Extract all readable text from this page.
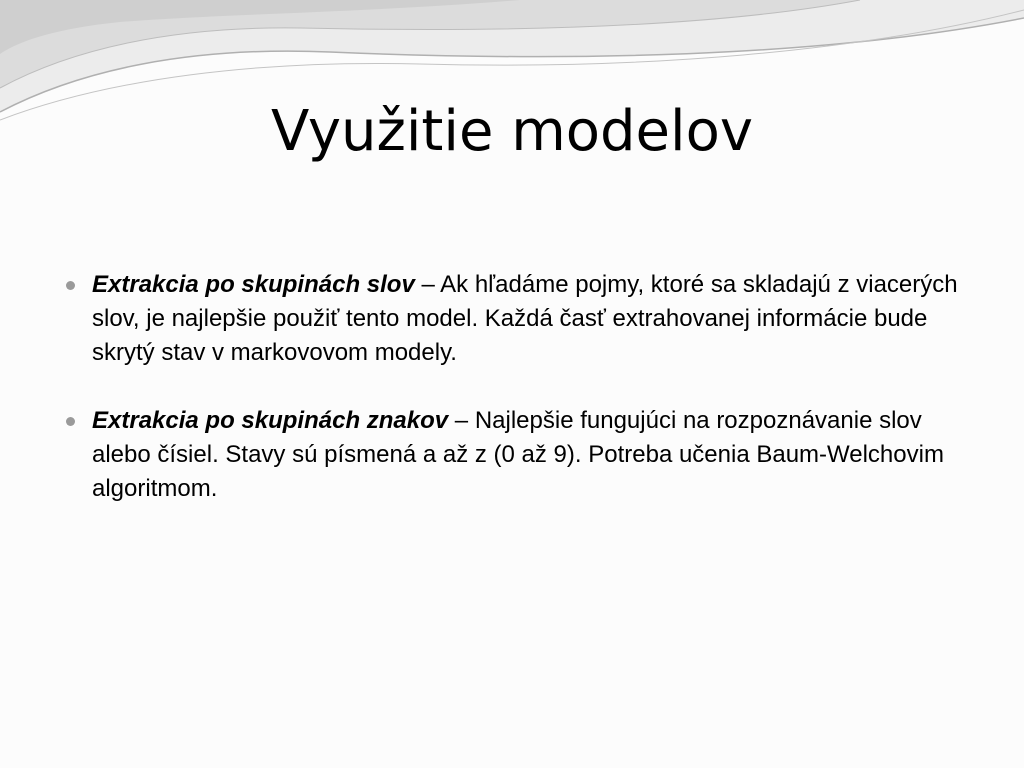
Využitie modelov
Extrakcia po skupinách slov – Ak hľadáme pojmy, ktoré sa skladajú z viacerých slov, je najlepšie použiť tento model. Každá časť extrahovanej informácie bude skrytý stav v markovovom modely.
Extrakcia po skupinách znakov – Najlepšie fungujúci na rozpoznávanie slov alebo čísiel. Stavy sú písmená a až z (0 až 9). Potreba učenia Baum-Welchovim algoritmom.
